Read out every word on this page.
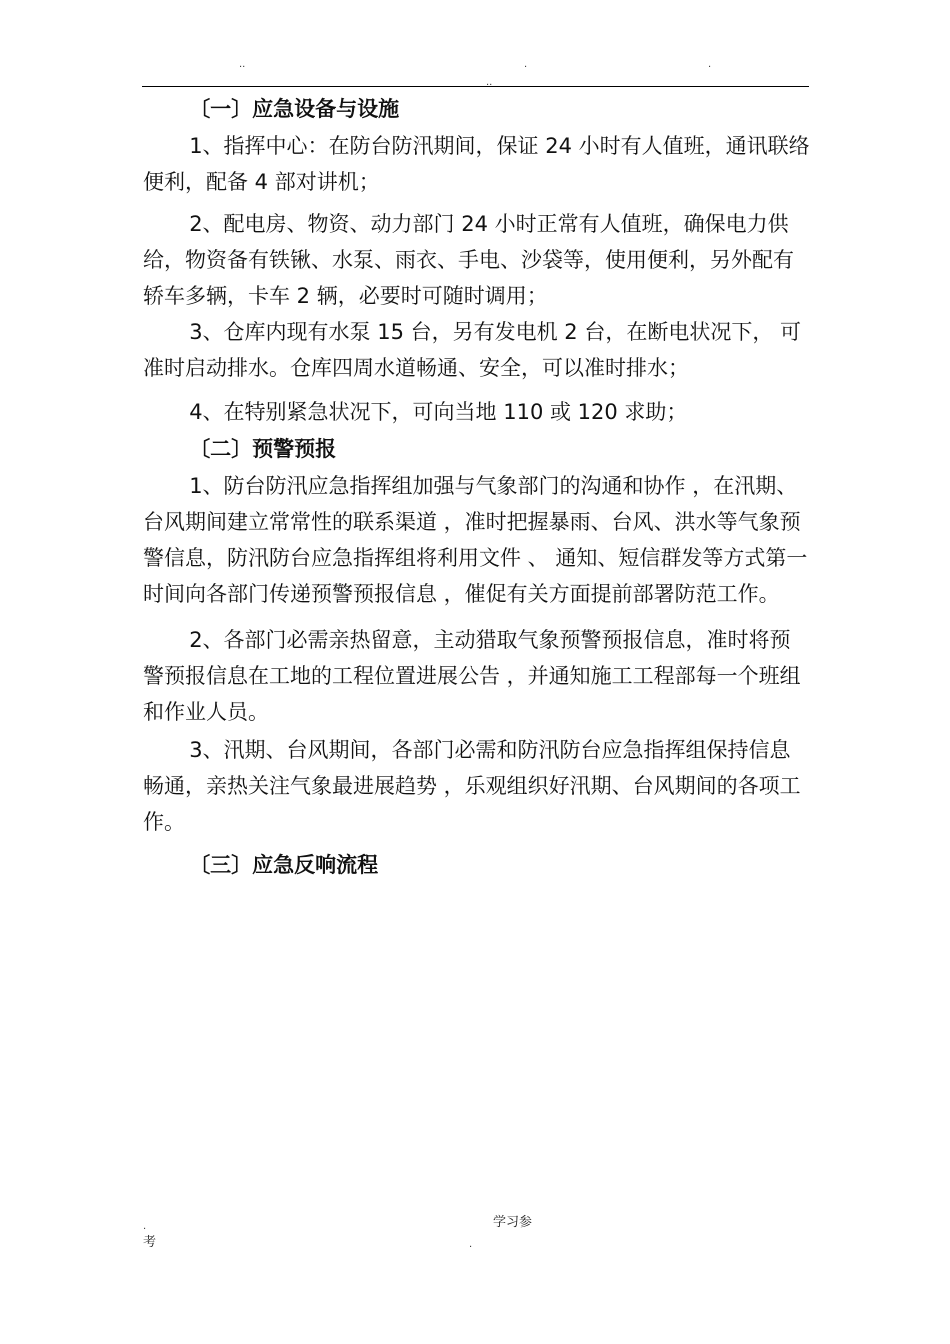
..	.	.
..

〔一〕应急设备与设施

1、指挥中心：在防台防汛期间，保证 24 小时有人值班，通讯联络便利，配备 4 部对讲机；

2、配电房、物资、动力部门 24 小时正常有人值班，确保电力供给，物资备有铁锹、水泵、雨衣、手电、沙袋等，使用便利，另外配有轿车多辆，卡车 2 辆，必要时可随时调用；

3、仓库内现有水泵 15 台，另有发电机 2 台，在断电状况下， 可准时启动排水。仓库四周水道畅通、安全，可以准时排水；

4、在特别紧急状况下，可向当地 110 或 120 求助；

〔二〕预警预报

1、防台防汛应急指挥组加强与气象部门的沟通和协作 ，在汛期、台风期间建立常常性的联系渠道 ，准时把握暴雨、台风、洪水等气象预警信息，防汛防台应急指挥组将利用文件 、 通知、短信群发等方式第一时间向各部门传递预警预报信息 ，催促有关方面提前部署防范工作。

2、各部门必需亲热留意，主动猎取气象预警预报信息，准时将预警预报信息在工地的工程位置进展公告 ，并通知施工工程部每一个班组和作业人员。

3、汛期、台风期间，各部门必需和防汛防台应急指挥组保持信息畅通，亲热关注气象最进展趋势 ，乐观组织好汛期、台风期间的各项工作。

〔三〕应急反响流程

.	学习参
考	.
